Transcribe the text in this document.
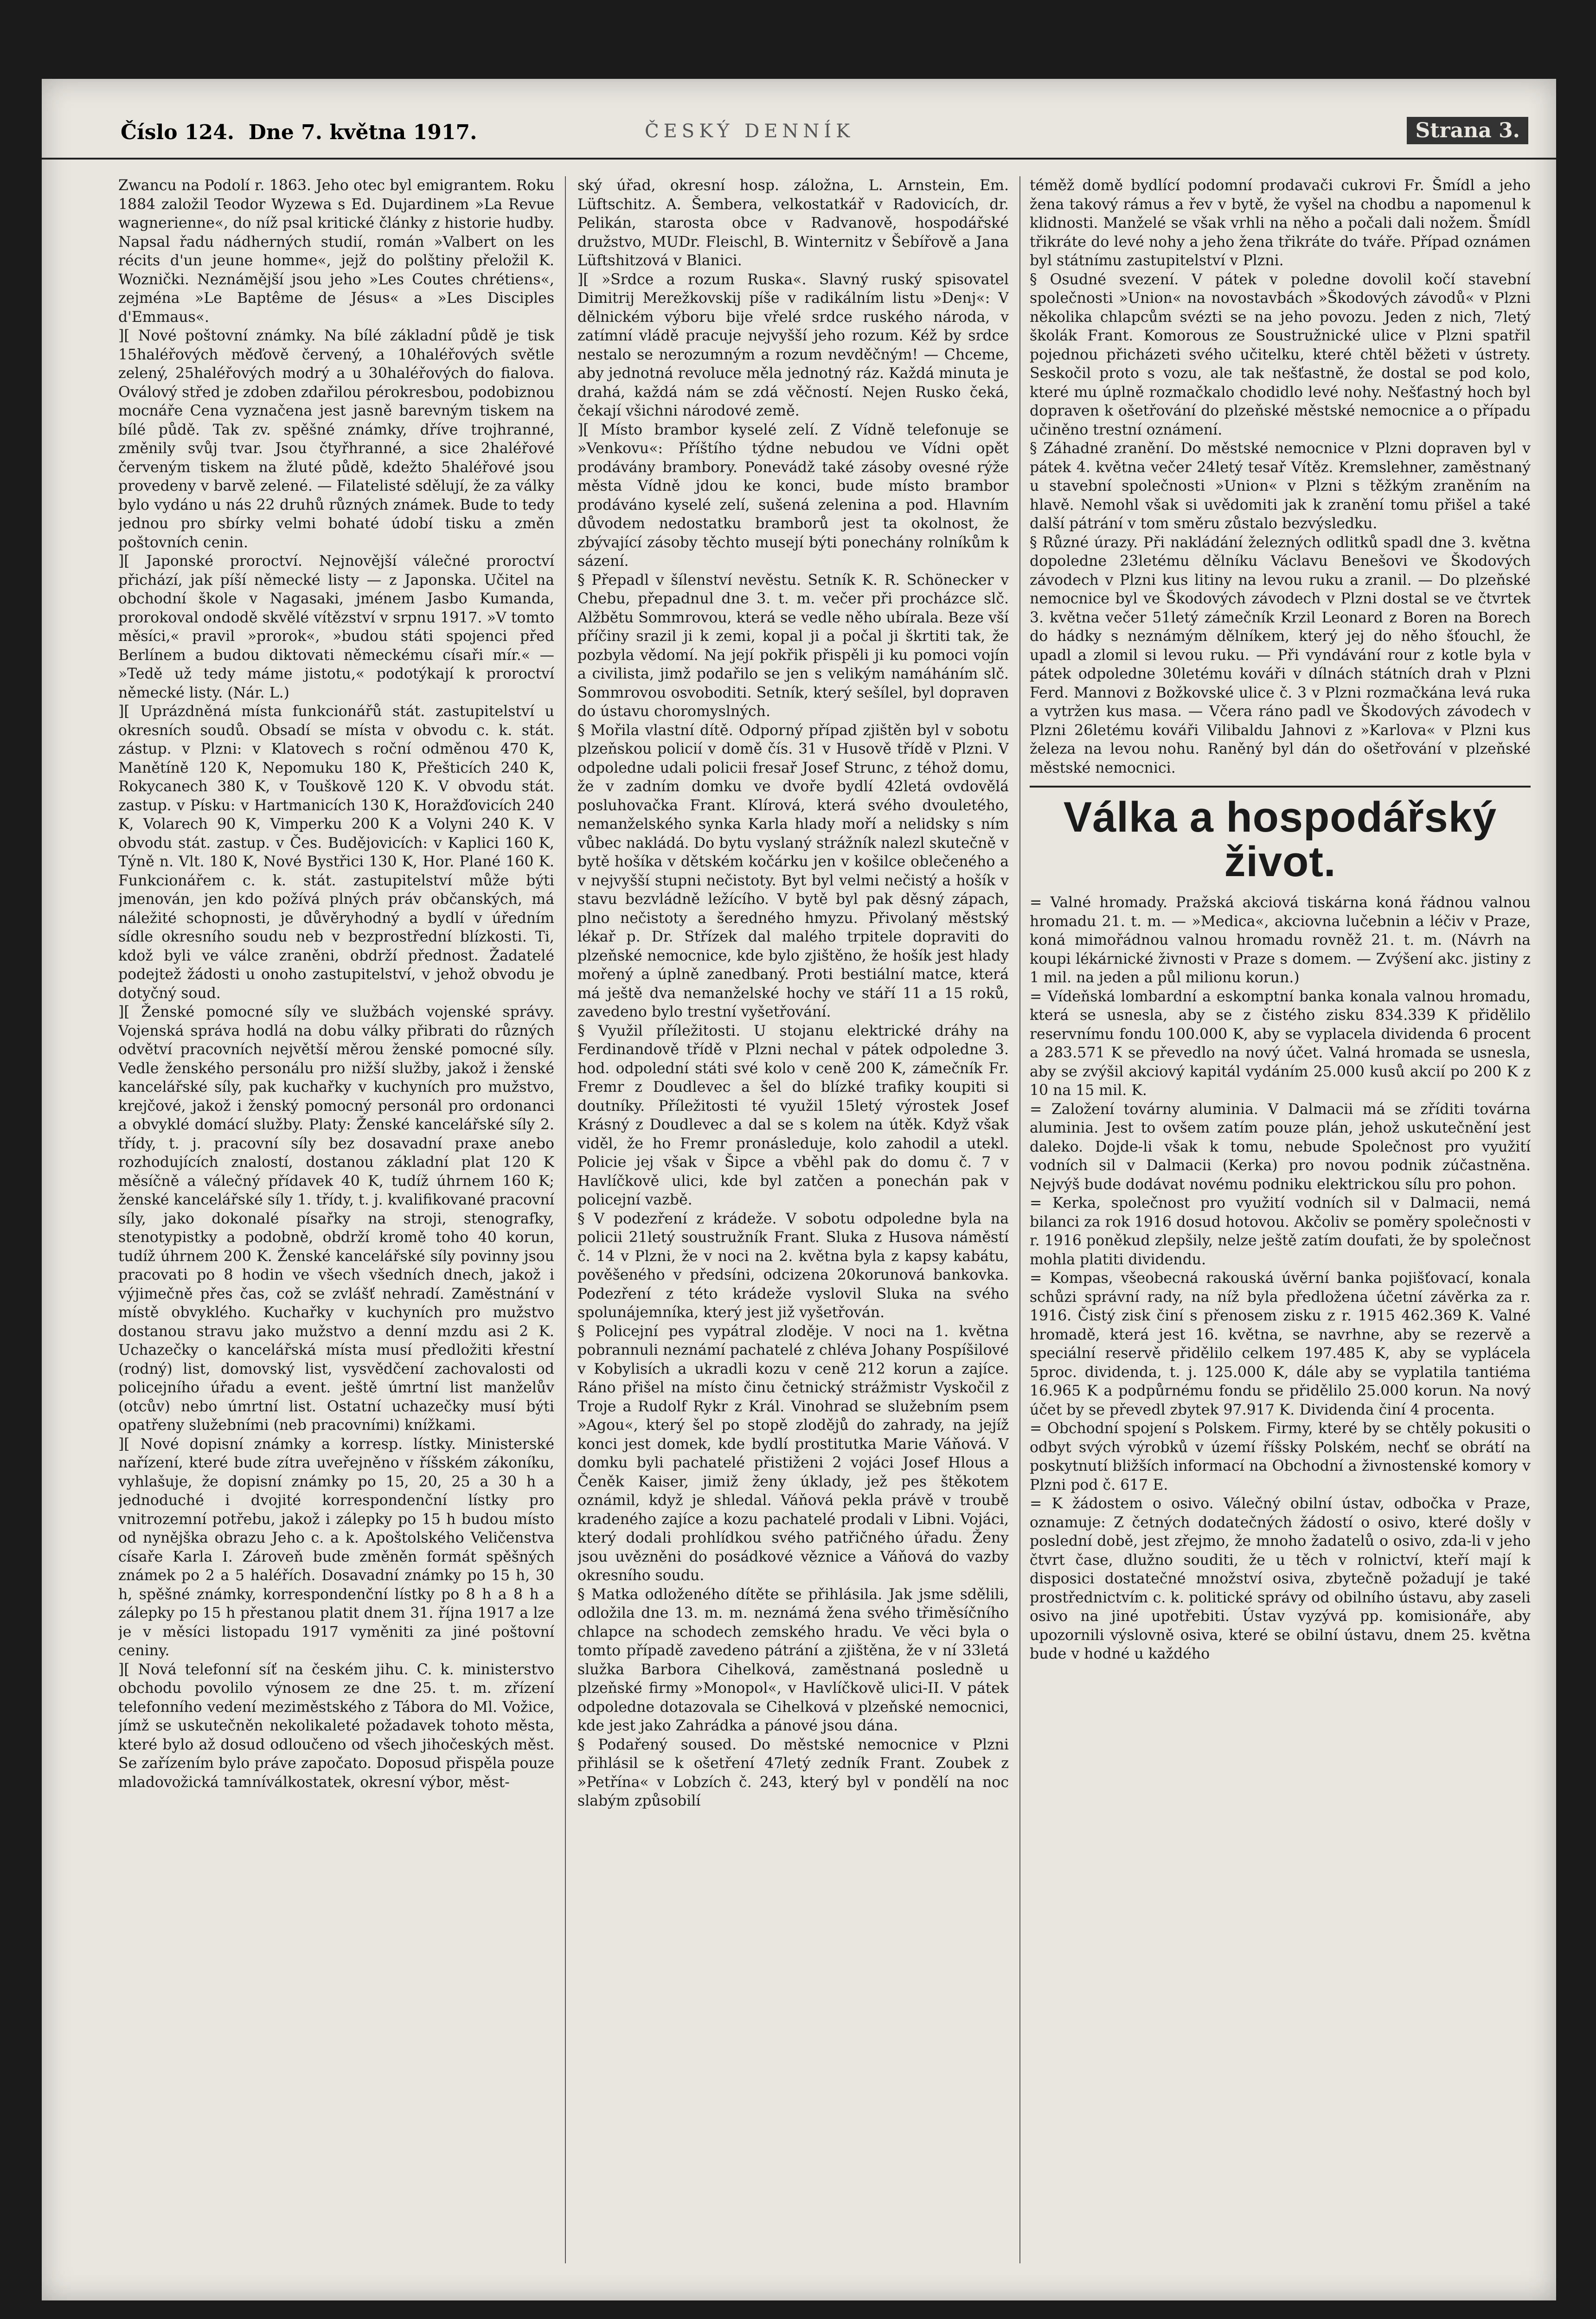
Číslo 124. Dne 7. května 1917.	ČESKÝ DENNÍK	Strana 3.

Zwancu na Podolí r. 1863. Jeho otec byl emigrantem. Roku 1884 založil Teodor Wyzewa s Ed. Dujardinem »La Revue wagnerienne«, do níž psal kritické články z historie hudby. Napsal řadu nádherných studií, román »Valbert on les récits d'un jeune homme«, jejž do polštiny přeložil K. Woznički. Neznámější jsou jeho »Les Coutes chrétiens«, zejména »Le Baptême de Jésus« a »Les Disciples d'Emmaus«.

][ Nové poštovní známky. Na bílé základní půdě je tisk 15haléřových měďově červený, a 10haléřových světle zelený, 25haléřových modrý a u 30haléřových do fialova. Oválový střed je zdoben zdařilou pérokresbou, podobiznou mocnáře Cena vyznačena jest jasně barevným tiskem na bílé půdě. Tak zv. spěšné známky, dříve trojhranné, změnily svůj tvar. Jsou čtyřhranné, a sice 2haléřové červeným tiskem na žluté půdě, kdežto 5haléřové jsou provedeny v barvě zelené. — Filatelisté sdělují, že za války bylo vydáno u nás 22 druhů různých známek. Bude to tedy jednou pro sbírky velmi bohaté údobí tisku a změn poštovních cenin.

][ Japonské proroctví. Nejnovější válečné proroctví přichází, jak píší německé listy — z Japonska. Učitel na obchodní škole v Nagasaki, jménem Jasbo Kumanda, prorokoval ondodě skvělé vítězství v srpnu 1917. »V tomto měsíci,« pravil »prorok«, »budou státi spojenci před Berlínem a budou diktovati německému císaři mír.« — »Tedě už tedy máme jistotu,« podotýkají k proroctví německé listy. (Nár. L.)

][ Uprázdněná místa funkcionářů stát. zastupitelství u okresních soudů. Obsadí se místa v obvodu c. k. stát. zástup. v Plzni: v Klatovech s roční odměnou 470 K, Manětíně 120 K, Nepomuku 180 K, Přešticích 240 K, Rokycanech 380 K, v Touškově 120 K. V obvodu stát. zastup. v Písku: v Hartmanicích 130 K, Horažďovicích 240 K, Volarech 90 K, Vimperku 200 K a Volyni 240 K. V obvodu stát. zastup. v Čes. Budějovicích: v Kaplici 160 K, Týně n. Vlt. 180 K, Nové Bystřici 130 K, Hor. Plané 160 K. Funkcionářem c. k. stát. zastupitelství může býti jmenován, jen kdo požívá plných práv občanských, má náležité schopnosti, je důvěryhodný a bydlí v úředním sídle okresního soudu neb v bezprostřední blízkosti. Ti, kdož byli ve válce zraněni, obdrží přednost. Žadatelé podejtež žádosti u onoho zastupitelství, v jehož obvodu je dotyčný soud.

][ Ženské pomocné síly ve službách vojenské správy. Vojenská správa hodlá na dobu války přibrati do různých odvětví pracovních největší měrou ženské pomocné síly. Vedle ženského personálu pro nižší služby, jakož i ženské kancelářské síly, pak kuchařky v kuchyních pro mužstvo, krejčové, jakož i ženský pomocný personál pro ordonanci a obvyklé domácí služby. Platy: Ženské kancelářské síly 2. třídy, t. j. pracovní síly bez dosavadní praxe anebo rozhodujících znalostí, dostanou základní plat 120 K měsíčně a válečný přídavek 40 K, tudíž úhrnem 160 K; ženské kancelářské síly 1. třídy, t. j. kvalifikované pracovní síly, jako dokonalé písařky na stroji, stenografky, stenotypistky a podobně, obdrží kromě toho 40 korun, tudíž úhrnem 200 K. Ženské kancelářské síly povinny jsou pracovati po 8 hodin ve všech všedních dnech, jakož i výjimečně přes čas, což se zvlášť nehradí. Zaměstnání v místě obvyklého. Kuchařky v kuchyních pro mužstvo dostanou stravu jako mužstvo a denní mzdu asi 2 K. Uchazečky o kancelářská místa musí předložiti křestní (rodný) list, domovský list, vysvědčení zachovalosti od policejního úřadu a event. ještě úmrtní list manželův (otcův) nebo úmrtní list. Ostatní uchazečky musí býti opatřeny služebními (neb pracovními) knížkami.

][ Nové dopisní známky a korresp. lístky. Ministerské nařízení, které bude zítra uveřejněno v říšském zákoníku, vyhlašuje, že dopisní známky po 15, 20, 25 a 30 h a jednoduché i dvojité korrespondenční lístky pro vnitrozemní potřebu, jakož i zálepky po 15 h budou místo od nynějška obrazu Jeho c. a k. Apoštolského Veličenstva císaře Karla I. Zároveň bude změněn formát spěšných známek po 2 a 5 haléřích. Dosavadní známky po 15 h, 30 h, spěšné známky, korrespondenční lístky po 8 h a 8 h a zálepky po 15 h přestanou platit dnem 31. října 1917 a lze je v měsíci listopadu 1917 vyměniti za jiné poštovní ceniny.

][ Nová telefonní síť na českém jihu. C. k. ministerstvo obchodu povolilo výnosem ze dne 25. t. m. zřízení telefonního vedení meziměstského z Tábora do Ml. Vožice, jímž se uskutečněn nekolikaleté požadavek tohoto města, které bylo až dosud odloučeno od všech jihočeských měst. Se zařízením bylo práve započato. Doposud přispěla pouze mladovožická tamníválkostatek, okresní výbor, měst-

ský úřad, okresní hosp. záložna, L. Arnstein, Em. Lüftschitz. A. Šembera, velkostatkář v Radovicích, dr. Pelikán, starosta obce v Radvanově, hospodářské družstvo, MUDr. Fleischl, B. Winternitz v Šebířově a Jana Lüftshitzová v Blanici.

][ »Srdce a rozum Ruska«. Slavný ruský spisovatel Dimitrij Merežkovskij píše v radikálním listu »Denj«: V dělnickém výboru bije vřelé srdce ruského národa, v zatímní vládě pracuje nejvyšší jeho rozum. Kéž by srdce nestalo se nerozumným a rozum nevděčným! — Chceme, aby jednotná revoluce měla jednotný ráz. Každá minuta je drahá, každá nám se zdá věčností. Nejen Rusko čeká, čekají všichni národové země.

][ Místo brambor kyselé zelí. Z Vídně telefonuje se »Venkovu«: Příštího týdne nebudou ve Vídni opět prodávány brambory. Ponevádž také zásoby ovesné rýže města Vídně jdou ke konci, bude místo brambor prodáváno kyselé zelí, sušená zelenina a pod. Hlavním důvodem nedostatku bramborů jest ta okolnost, že zbývající zásoby těchto musejí býti ponechány rolníkům k sázení.

§ Přepadl v šílenství nevěstu. Setník K. R. Schönecker v Chebu, přepadnul dne 3. t. m. večer při procházce slč. Alžbětu Sommrovou, která se vedle něho ubírala. Beze vší příčiny srazil ji k zemi, kopal ji a počal ji škrtiti tak, že pozbyla vědomí. Na její pokřik přispěli ji ku pomoci vojín a civilista, jimž podařilo se jen s velikým namáháním slč. Sommrovou osvoboditi. Setník, který sešílel, byl dopraven do ústavu choromyslných.

§ Mořila vlastní dítě. Odporný případ zjištěn byl v sobotu plzeňskou policií v domě čís. 31 v Husově třídě v Plzni. V odpoledne udali policii fresař Josef Strunc, z téhož domu, že v zadním domku ve dvoře bydlí 42letá ovdovělá posluhovačka Frant. Klírová, která svého dvouletého, nemanželského synka Karla hlady moří a nelidsky s ním vůbec nakládá. Do bytu vyslaný strážník nalezl skutečně v bytě hošíka v dětském kočárku jen v košilce oblečeného a v nejvyšší stupni nečistoty. Byt byl velmi nečistý a hošík v stavu bezvládně ležícího. V bytě byl pak děsný zápach, plno nečistoty a šeredného hmyzu. Přivolaný městský lékař p. Dr. Střízek dal malého trpitele dopraviti do plzeňské nemocnice, kde bylo zjištěno, že hošík jest hlady mořený a úplně zanedbaný. Proti bestiální matce, která má ještě dva nemanželské hochy ve stáří 11 a 15 roků, zavedeno bylo trestní vyšetřování.

§ Využil příležitosti. U stojanu elektrické dráhy na Ferdinandově třídě v Plzni nechal v pátek odpoledne 3. hod. odpolední státi své kolo v ceně 200 K, zámečník Fr. Fremr z Doudlevec a šel do blízké trafiky koupiti si doutníky. Příležitosti té využil 15letý výrostek Josef Krásný z Doudlevec a dal se s kolem na útěk. Když však viděl, že ho Fremr pronásleduje, kolo zahodil a utekl. Policie jej však v Šipce a vběhl pak do domu č. 7 v Havlíčkově ulici, kde byl zatčen a ponechán pak v policejní vazbě.

§ V podezření z krádeže. V sobotu odpoledne byla na policii 21letý soustružník Frant. Sluka z Husova náměstí č. 14 v Plzni, že v noci na 2. května byla z kapsy kabátu, pověšeného v předsíni, odcizena 20korunová bankovka. Podezření z této krádeže vyslovil Sluka na svého spolunájemníka, který jest již vyšetřován.

§ Policejní pes vypátral zloděje. V noci na 1. května pobrannuli neznámí pachatelé z chléva Johany Pospíšilové v Kobylisích a ukradli kozu v ceně 212 korun a zajíce. Ráno přišel na místo činu četnický strážmistr Vyskočil z Troje a Rudolf Rykr z Král. Vinohrad se služebním psem »Agou«, který šel po stopě zlodějů do zahrady, na jejíž konci jest domek, kde bydlí prostitutka Marie Váňová. V domku byli pachatelé přistiženi 2 vojáci Josef Hlous a Čeněk Kaiser, jimiž ženy úklady, jež pes štěkotem oznámil, když je shledal. Váňová pekla právě v troubě kradeného zajíce a kozu pachatelé prodali v Libni. Vojáci, který dodali prohlídkou svého patřičného úřadu. Ženy jsou uvězněni do posádkové věznice a Váňová do vazby okresního soudu.

§ Matka odloženého dítěte se přihlásila. Jak jsme sdělili, odložila dne 13. m. m. neznámá žena svého třiměsíčního chlapce na schodech zemského hradu. Ve věci byla o tomto případě zavedeno pátrání a zjištěna, že v ní 33letá služka Barbora Cihelková, zaměstnaná posledně u plzeňské firmy »Monopol«, v Havlíčkově ulici-II. V pátek odpoledne dotazovala se Cihelková v plzeňské nemocnici, kde jest jako Zahrádka a pánové jsou dána.

§ Podařený soused. Do městské nemocnice v Plzni přihlásil se k ošetření 47letý zedník Frant. Zoubek z »Petřína« v Lobzích č. 243, který byl v pondělí na noc slabým způsobilí

téměž domě bydlící podomní prodavači cukrovi Fr. Šmídl a jeho žena takový rámus a řev v bytě, že vyšel na chodbu a napomenul k klidnosti. Manželé se však vrhli na něho a počali dali nožem. Šmídl třikráte do levé nohy a jeho žena třikráte do tváře. Případ oznámen byl státnímu zastupitelství v Plzni.

§ Osudné svezení. V pátek v poledne dovolil kočí stavební společnosti »Union« na novostavbách »Škodových závodů« v Plzni několika chlapcům svézti se na jeho povozu. Jeden z nich, 7letý školák Frant. Komorous ze Soustružnické ulice v Plzni spatřil pojednou přicházeti svého učitelku, které chtěl běžeti v ústrety. Seskočil proto s vozu, ale tak nešťastně, že dostal se pod kolo, které mu úplně rozmačkalo chodidlo levé nohy. Nešťastný hoch byl dopraven k ošetřování do plzeňské městské nemocnice a o případu učiněno trestní oznámení.

§ Záhadné zranění. Do městské nemocnice v Plzni dopraven byl v pátek 4. května večer 24letý tesař Vítěz. Kremslehner, zaměstnaný u stavební společnosti »Union« v Plzni s těžkým zraněním na hlavě. Nemohl však si uvědomiti jak k zranění tomu přišel a také další pátrání v tom směru zůstalo bezvýsledku.

§ Různé úrazy. Při nakládání železných odlitků spadl dne 3. května dopoledne 23letému dělníku Václavu Benešovi ve Škodových závodech v Plzni kus litiny na levou ruku a zranil. — Do plzeňské nemocnice byl ve Škodových závodech v Plzni dostal se ve čtvrtek 3. května večer 51letý zámečník Krzil Leonard z Boren na Borech do hádky s neznámým dělníkem, který jej do něho šťouchl, že upadl a zlomil si levou ruku. — Při vyndávání rour z kotle byla v pátek odpoledne 30letému kováři v dílnách státních drah v Plzni Ferd. Mannovi z Božkovské ulice č. 3 v Plzni rozmačkána levá ruka a vytržen kus masa. — Včera ráno padl ve Škodových závodech v Plzni 26letému kováři Vilibaldu Jahnovi z »Karlova« v Plzni kus železa na levou nohu. Raněný byl dán do ošetřování v plzeňské městské nemocnici.

Válka a hospodářský život.

= Valné hromady. Pražská akciová tiskárna koná řádnou valnou hromadu 21. t. m. — »Medica«, akciovna lučebnin a léčiv v Praze, koná mimořádnou valnou hromadu rovněž 21. t. m. (Návrh na koupi lékárnické živnosti v Praze s domem. — Zvýšení akc. jistiny z 1 mil. na jeden a půl milionu korun.)

= Vídeňská lombardní a eskomptní banka konala valnou hromadu, která se usnesla, aby se z čistého zisku 834.339 K přidělilo reservnímu fondu 100.000 K, aby se vyplacela dividenda 6 procent a 283.571 K se převedlo na nový účet. Valná hromada se usnesla, aby se zvýšil akciový kapitál vydáním 25.000 kusů akcií po 200 K z 10 na 15 mil. K.

= Založení továrny aluminia. V Dalmacii má se zříditi továrna aluminia. Jest to ovšem zatím pouze plán, jehož uskutečnění jest daleko. Dojde-li však k tomu, nebude Společnost pro využití vodních sil v Dalmacii (Kerka) pro novou podnik zúčastněna. Nejvýš bude dodávat novému podniku elektrickou sílu pro pohon.

= Kerka, společnost pro využití vodních sil v Dalmacii, nemá bilanci za rok 1916 dosud hotovou. Akčoliv se poměry společnosti v r. 1916 poněkud zlepšily, nelze ještě zatím doufati, že by společnost mohla platiti dividendu.

= Kompas, všeobecná rakouská úvěrní banka pojišťovací, konala schůzi správní rady, na níž byla předložena účetní závěrka za r. 1916. Čistý zisk činí s přenosem zisku z r. 1915 462.369 K. Valné hromadě, která jest 16. května, se navrhne, aby se rezervě a speciální reservě přidělilo celkem 197.485 K, aby se vyplácela 5proc. dividenda, t. j. 125.000 K, dále aby se vyplatila tantiéma 16.965 K a podpůrnému fondu se přidělilo 25.000 korun. Na nový účet by se převedl zbytek 97.917 K. Dividenda činí 4 procenta.

= Obchodní spojení s Polskem. Firmy, které by se chtěly pokusiti o odbyt svých výrobků v území říšsky Polském, nechť se obrátí na poskytnutí bližších informací na Obchodní a živnostenské komory v Plzni pod č. 617 E.

= K žádostem o osivo. Válečný obilní ústav, odbočka v Praze, oznamuje: Z četných dodatečných žádostí o osivo, které došly v poslední době, jest zřejmo, že mnoho žadatelů o osivo, zda-li v jeho čtvrt čase, dlužno souditi, že u těch v rolnictví, kteří mají k disposici dostatečné množství osiva, zbytečně požadují je také prostřednictvím c. k. politické správy od obilního ústavu, aby zaseli osivo na jiné upotřebiti. Ústav vyzývá pp. komisionáře, aby upozornili výslovně osiva, které se obilní ústavu, dnem 25. května bude v hodné u každého
